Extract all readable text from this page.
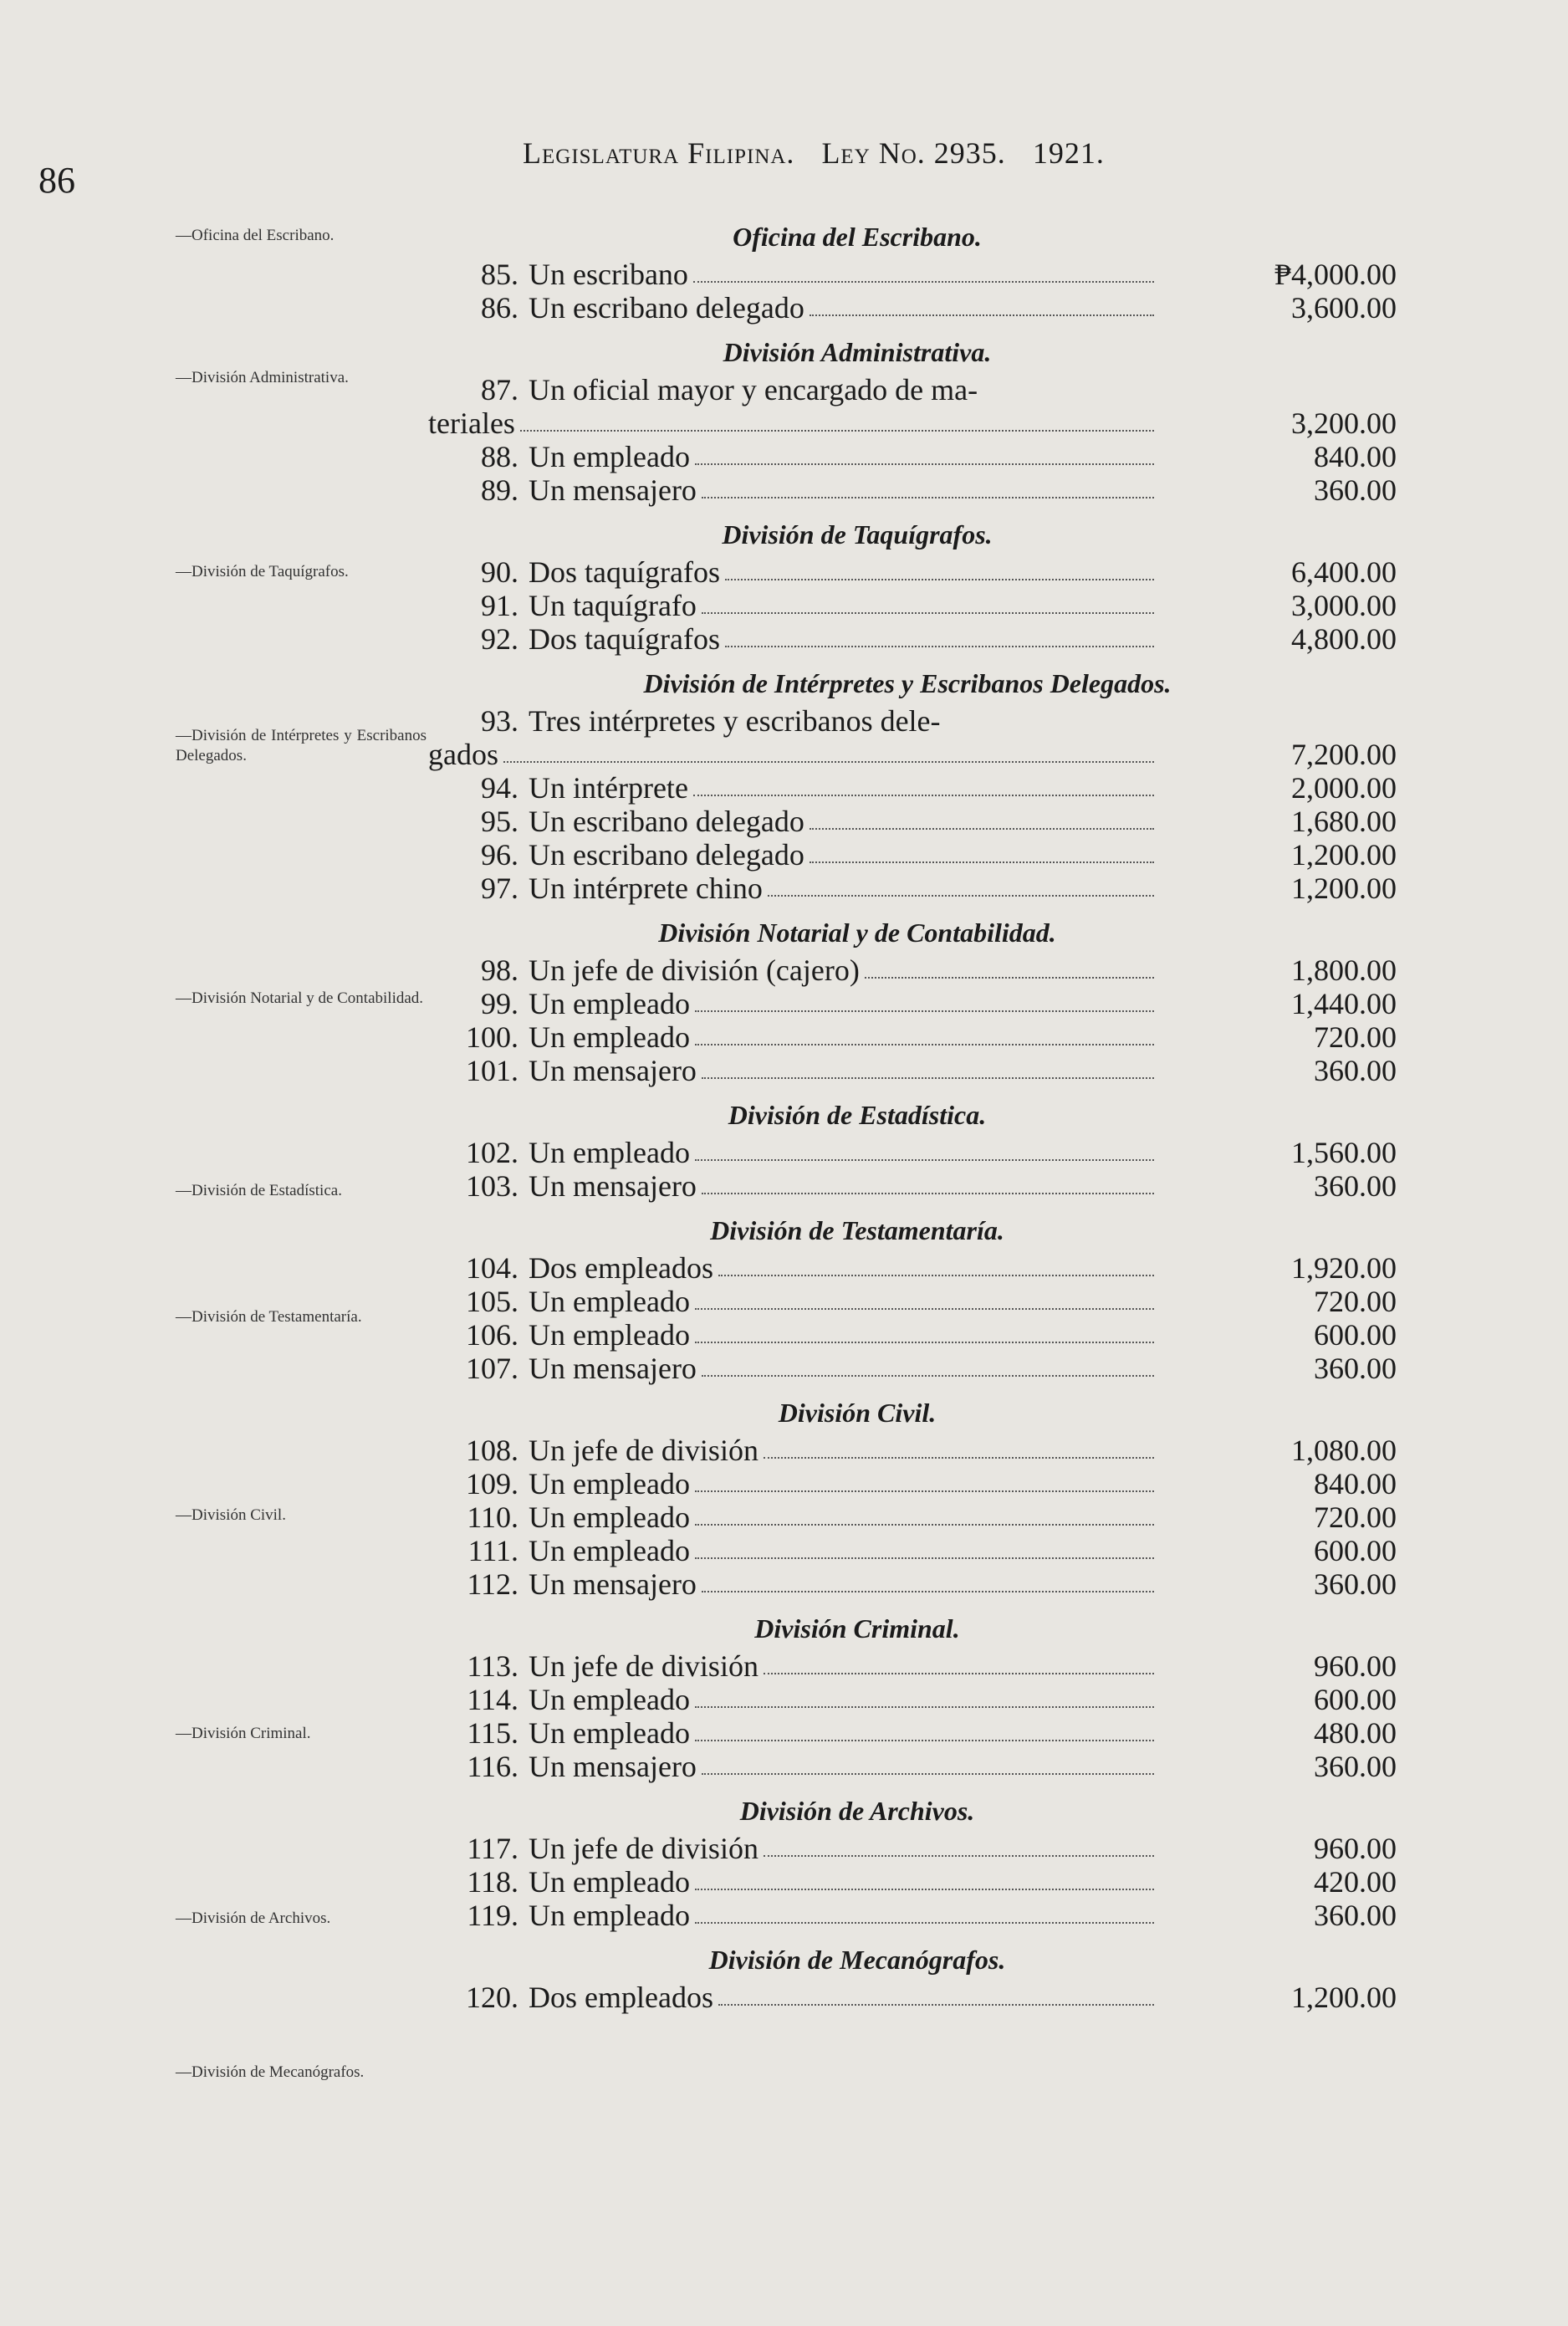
86
Legislatura Filipina. Ley No. 2935. 1921.
—Oficina del Escribano.
—División Administrativa.
—División de Taquígrafos.
—División de Intérpretes y Escribanos Delegados.
—División Notarial y de Contabilidad.
—División de Estadística.
—División de Testamentaría.
—División Civil.
—División Criminal.
—División de Archivos.
—División de Mecanógrafos.
Oficina del Escribano.
85. Un escribano	₱4,000.00
86. Un escribano delegado	3,600.00
División Administrativa.
87. Un oficial mayor y encargado de ma-
teriales	3,200.00
88. Un empleado	840.00
89. Un mensajero	360.00
División de Taquígrafos.
90. Dos taquígrafos	6,400.00
91. Un taquígrafo	3,000.00
92. Dos taquígrafos	4,800.00
División de Intérpretes y Escribanos Delegados.
93. Tres intérpretes y escribanos dele-
gados	7,200.00
94. Un intérprete	2,000.00
95. Un escribano delegado	1,680.00
96. Un escribano delegado	1,200.00
97. Un intérprete chino	1,200.00
División Notarial y de Contabilidad.
98. Un jefe de división (cajero)	1,800.00
99. Un empleado	1,440.00
100. Un empleado	720.00
101. Un mensajero	360.00
División de Estadística.
102. Un empleado	1,560.00
103. Un mensajero	360.00
División de Testamentaría.
104. Dos empleados	1,920.00
105. Un empleado	720.00
106. Un empleado	600.00
107. Un mensajero	360.00
División Civil.
108. Un jefe de división	1,080.00
109. Un empleado	840.00
110. Un empleado	720.00
111. Un empleado	600.00
112. Un mensajero	360.00
División Criminal.
113. Un jefe de división	960.00
114. Un empleado	600.00
115. Un empleado	480.00
116. Un mensajero	360.00
División de Archivos.
117. Un jefe de división	960.00
118. Un empleado	420.00
119. Un empleado	360.00
División de Mecanógrafos.
120. Dos empleados	1,200.00
